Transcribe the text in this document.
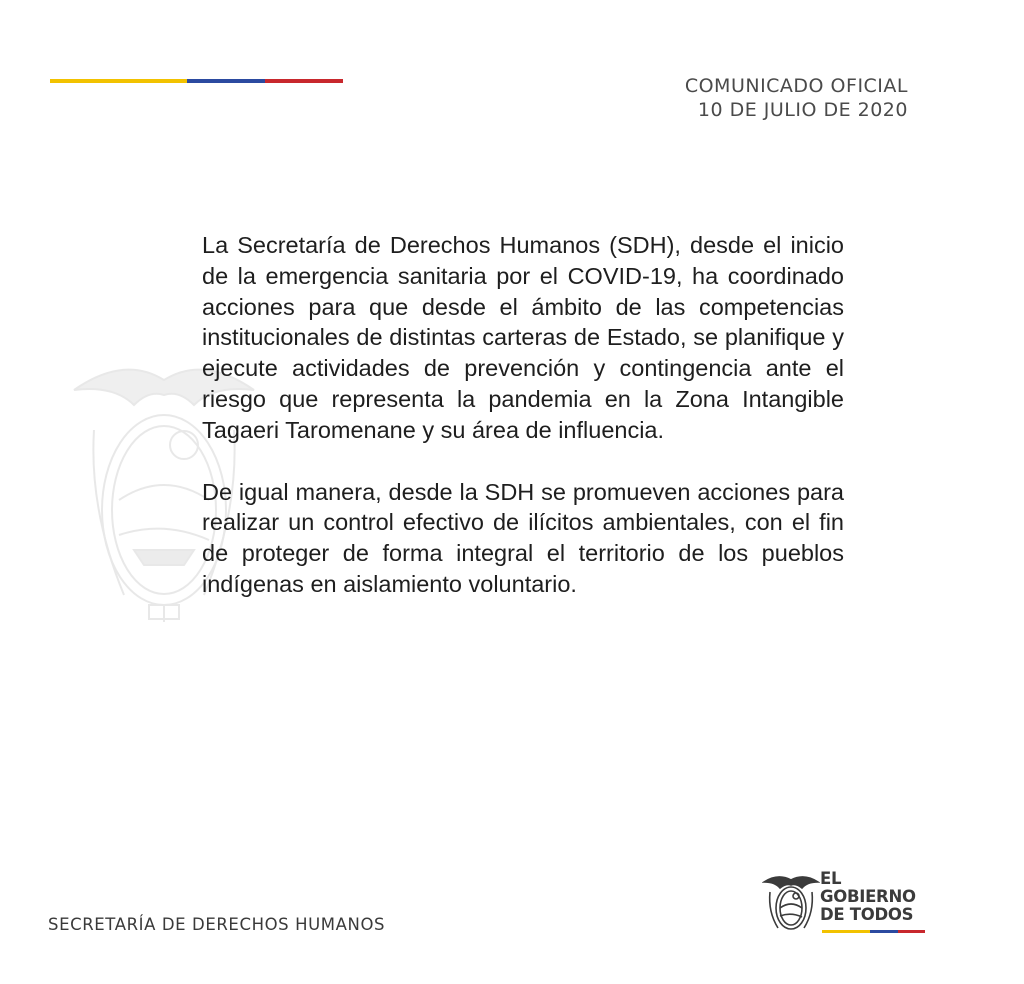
COMUNICADO OFICIAL
10 DE JULIO DE 2020

La Secretaría de Derechos Humanos (SDH), desde el inicio de la emergencia sanitaria por el COVID-19, ha coordinado acciones para que desde el ámbito de las competencias institucionales de distintas carteras de Estado, se planifique y ejecute actividades de prevención y contingencia ante el riesgo que representa la pandemia en la Zona Intangible Tagaeri Taromenane y su área de influencia.

De igual manera, desde la SDH se promueven acciones para realizar un control efectivo de ilícitos ambientales, con el fin de proteger de forma integral el territorio de los pueblos indígenas en aislamiento voluntario.

SECRETARÍA DE DERECHOS HUMANOS
EL
GOBIERNO
DE TODOS
